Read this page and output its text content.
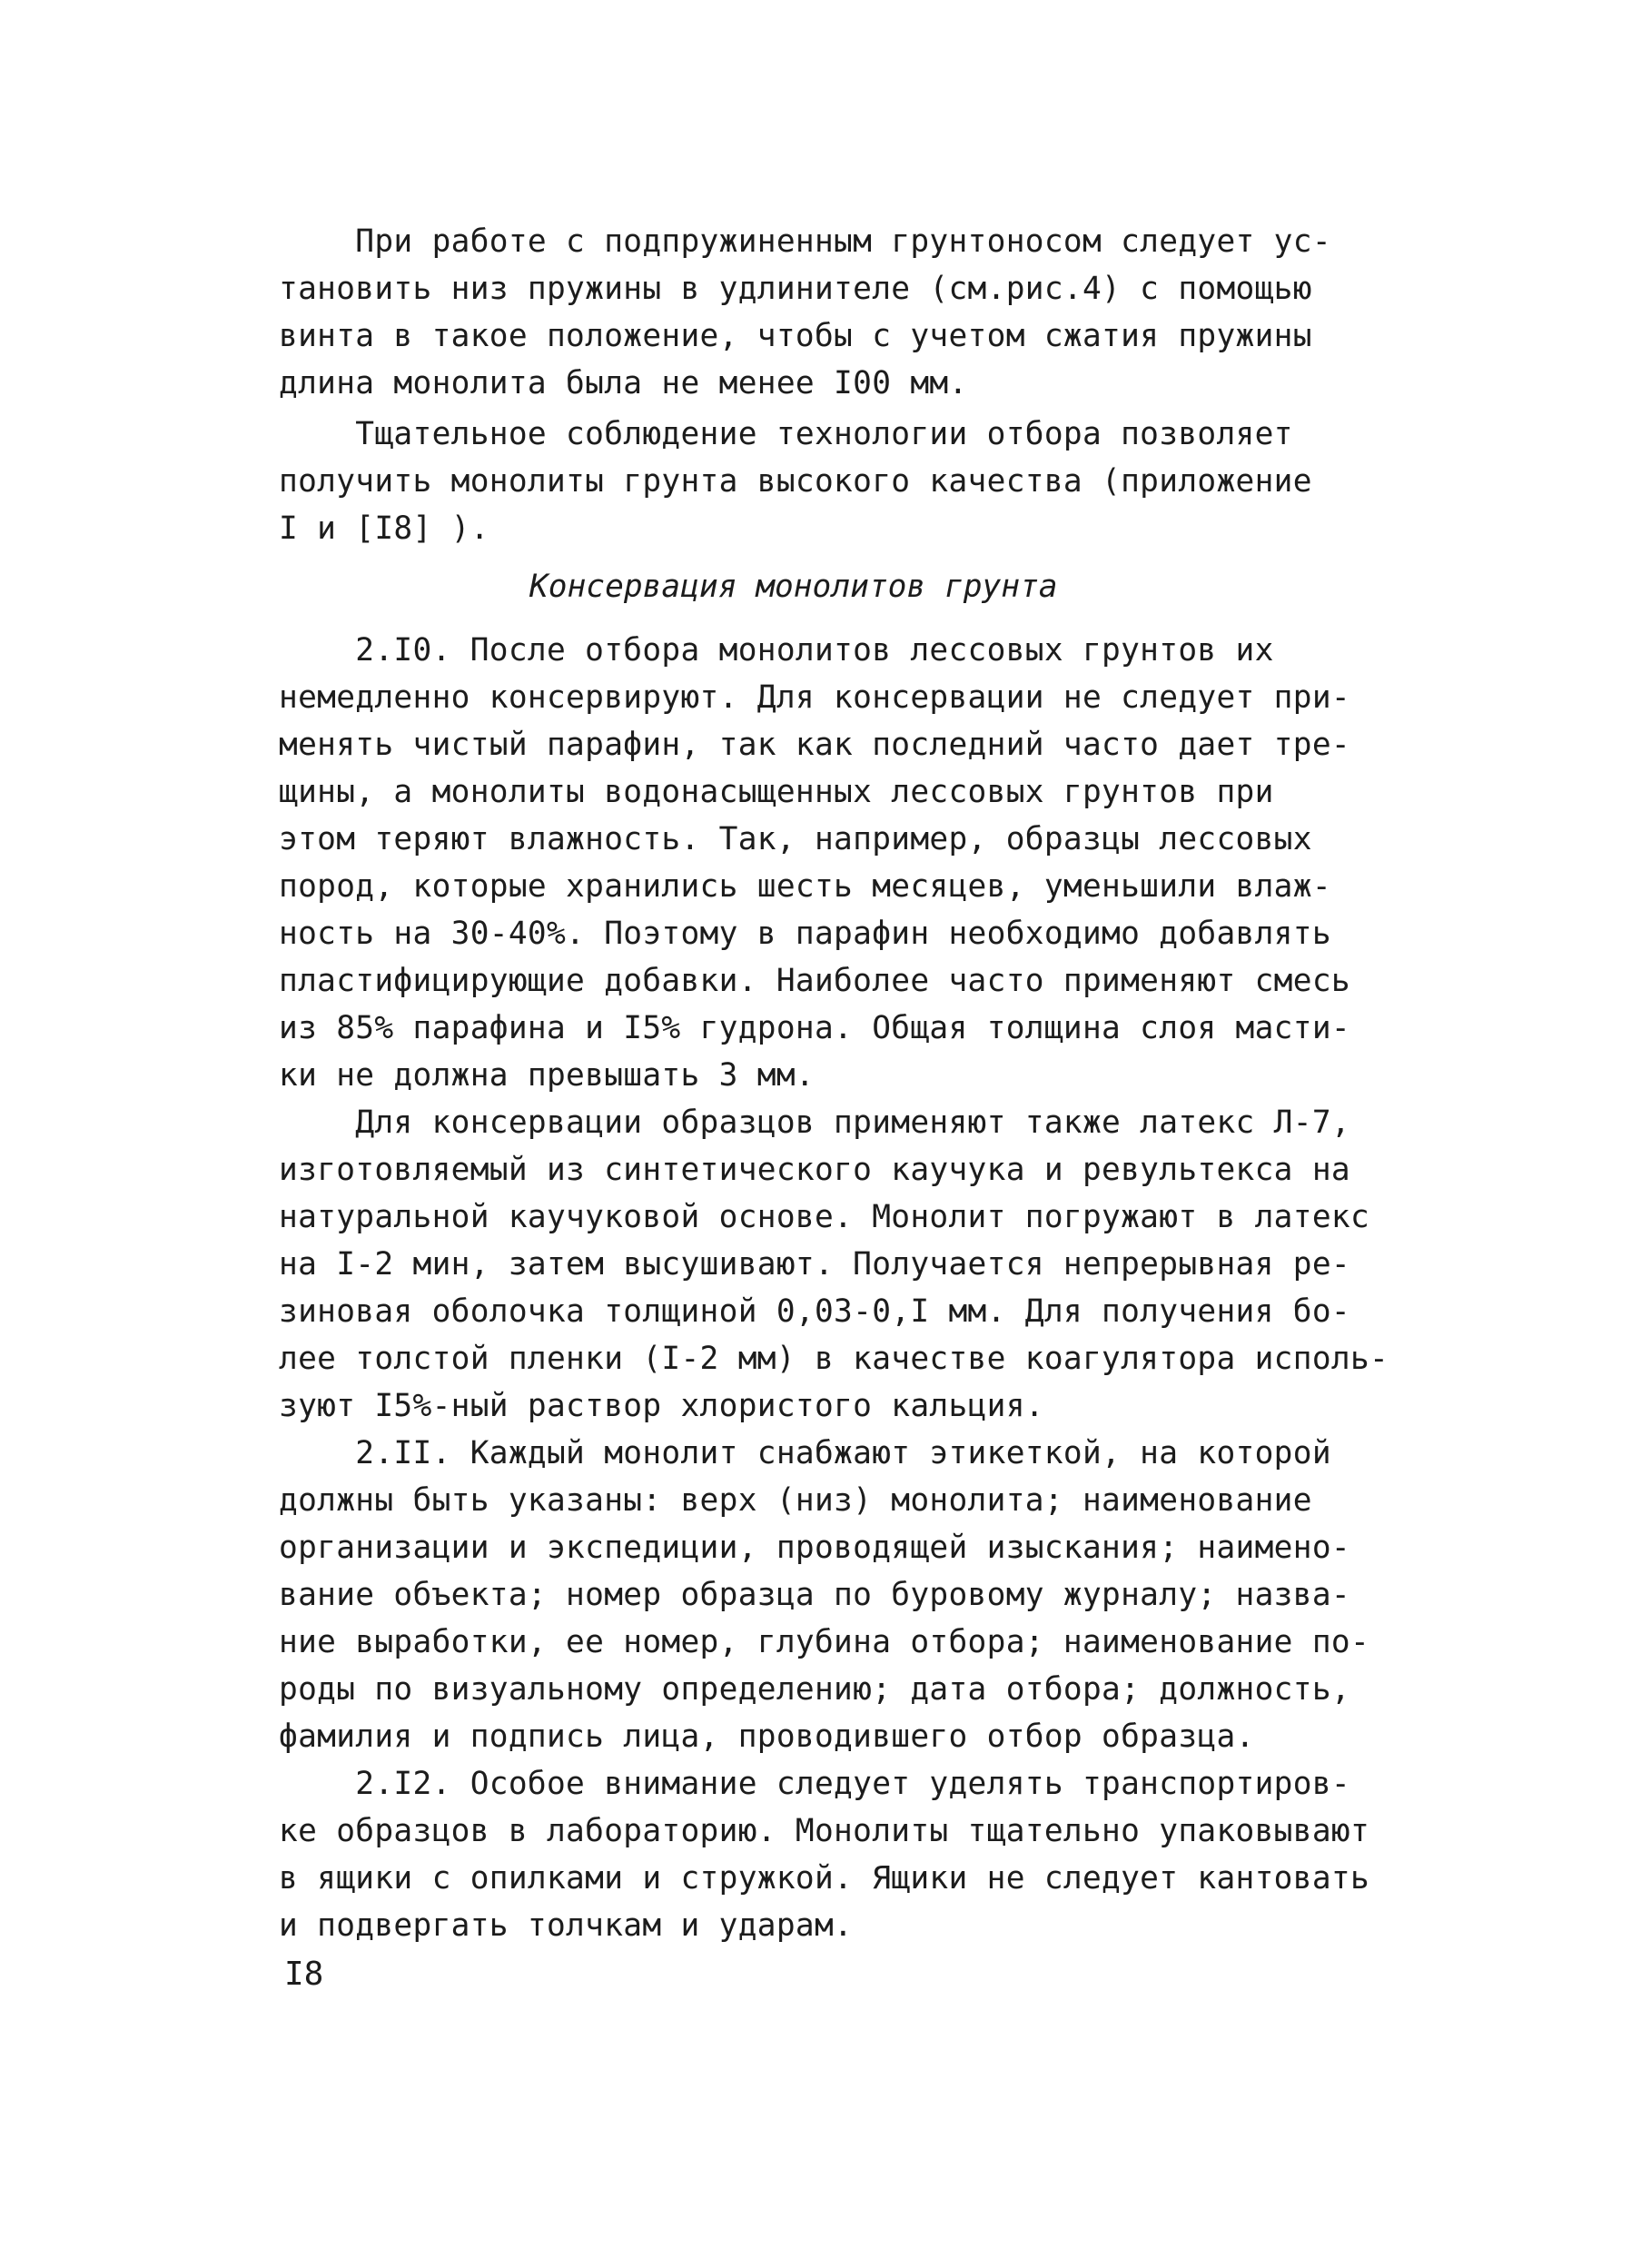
При работе с подпружиненным грунтоносом следует ус-
тановить низ пружины в удлинителе (см.рис.4) с помощью
винта в такое положение, чтобы с учетом сжатия пружины
длина монолита была не менее I00 мм.
Тщательное соблюдение технологии отбора позволяет
получить монолиты грунта высокого качества (приложение
I и [I8] ).
Консервация монолитов грунта
2.I0. После отбора монолитов лессовых грунтов их
немедленно консервируют. Для консервации не следует при-
менять чистый парафин, так как последний часто дает тре-
щины, а монолиты водонасыщенных лессовых грунтов при
этом теряют влажность. Так, например, образцы лессовых
пород, которые хранились шесть месяцев, уменьшили влаж-
ность на 30-40%. Поэтому в парафин необходимо добавлять
пластифицирующие добавки. Наиболее часто применяют смесь
из 85% парафина и I5% гудрона. Общая толщина слоя масти-
ки не должна превышать 3 мм.
Для консервации образцов применяют также латекс Л-7,
изготовляемый из синтетического каучука и ревультекса на
натуральной каучуковой основе. Монолит погружают в латекс
на I-2 мин, затем высушивают. Получается непрерывная ре-
зиновая оболочка толщиной 0,03-0,I мм. Для получения бо-
лее толстой пленки (I-2 мм) в качестве коагулятора исполь-
зуют I5%-ный раствор хлористого кальция.
2.II. Каждый монолит снабжают этикеткой, на которой
должны быть указаны: верх (низ) монолита; наименование
организации и экспедиции, проводящей изыскания; наимено-
вание объекта; номер образца по буровому журналу; назва-
ние выработки, ее номер, глубина отбора; наименование по-
роды по визуальному определению; дата отбора; должность,
фамилия и подпись лица, проводившего отбор образца.
2.I2. Особое внимание следует уделять транспортиров-
ке образцов в лабораторию. Монолиты тщательно упаковывают
в ящики с опилками и стружкой. Ящики не следует кантовать
и подвергать толчкам и ударам.
I8
